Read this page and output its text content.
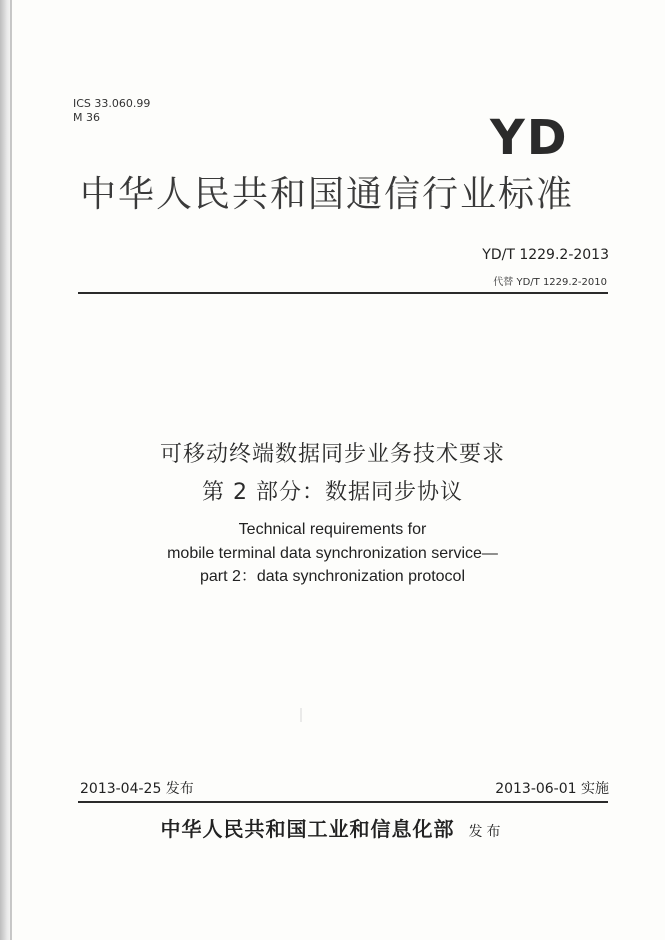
ICS 33.060.99
M 36	YD
中华人民共和国通信行业标准
YD/T 1229.2-2013
代替 YD/T 1229.2-2010
可移动终端数据同步业务技术要求
第 2 部分：数据同步协议
Technical requirements for
mobile terminal data synchronization service—
part 2：data synchronization protocol
2013-04-25 发布	2013-06-01 实施
中华人民共和国工业和信息化部 发布
